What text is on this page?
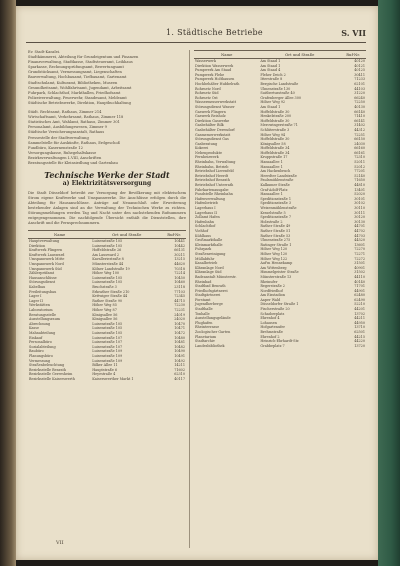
1. Städtische Betriebe	S. VII
Ev. Stadt-Kanzlei.
Stadtkämmerei, Abteilung für Grundeigentum und Finanzen
Finanzverwaltung, Stadtkasse, Stadtsteueramt, Leihhaus
Sparkasse, Rechnungsprüfungsamt, Bewertungsamt
Grundstücksamt, Vermessungsamt, Liegenschaften
Bauverwaltung, Hochbauamt, Tiefbauamt, Gartenamt
Stadtschulamt, Kulturamt, Bibliotheken, Museen
Gesundheitsamt, Wohlfahrtsamt, Jugendamt, Arbeitsamt
Fuhrpark, Schlachthof, Markthallen, Friedhofsamt
Polizeiverwaltung, Feuerwehr, Standesamt, Meldeamt
Städtische Betriebswerke, Direktion, Hauptbuchhaltung
Städt. Rechtsamt, Rathaus, Zimmer 214
Wirtschaftsamt, Verkehrsamt, Rathaus, Zimmer 118
Statistisches Amt, Wahlamt, Rathaus, Zimmer 301
Personalamt, Ausbildungswesen, Zimmer 9
Städtische Versicherungsanstalt, Rathaus
Pressestelle der Stadtverwaltung
Sammelstelle für Auskünfte, Rathaus, Erdgeschoß
Fundbüro, Kasernenstraße 12
Versorgungskasse, Ruhegehaltskasse
Bezirksverwaltungen I–VIII, Anschriften
Beratungsstelle für Kleinsiedlung und Gartenbau
Technische Werke der Stadt
a) Elektrizitätsversorgung
Die Stadt Düsseldorf betreibt zur Versorgung der Bevölkerung mit elektrischem Strom eigene Kraftwerke und Umspannwerke. Die Anschlüsse erfolgen durch die Abteilung für Hausanschlüsse. Anträge auf Neuanschluß oder Erweiterung bestehender Anlagen sind an die Verwaltung der Technischen Werke zu richten. Störungsmeldungen werden Tag und Nacht unter den nachstehenden Rufnummern entgegengenommen. Die nachfolgende Übersicht enthält die Dienststellen, ihre Anschrift und die Fernsprechnummern.
Name	Ort und Straße	Ruf-Nr.
Hauptverwaltung	Luisenstraße 105	10441
Direktion	Luisenstraße 105	10442
Kraftwerk Flingern	Hoffeldstraße 26	66131
Kraftwerk Lausward	Am Lausward 2	30211
Umspannwerk Mitte	Kavalleriestraße 8	13215
Umspannwerk Nord	Münsterstraße 44	44620
Umspannwerk Süd	Kölner Landstraße 19	70318
Zählerprüfamt	Höher Weg 100	72214
Hausanschlüsse	Luisenstraße 105	10450
Störungsdienst	Luisenstraße 105	10460
Kabelbau	Bruchstraße 3	23118
Freileitungsbau	Erkrather Straße 210	77103
Lager I	Kettwiger Straße 44	72345
Lager II	Rather Straße 90	44715
Werkstätten	Höher Weg 85	72230
Laboratorium	Höher Weg 87	72231
Beratungsstelle	Königsallee 56	24019
Ausstellungsraum	Königsallee 56	24020
Abrechnung	Luisenstraße 105	10470
Kasse	Luisenstraße 105	10471
Mahnabteilung	Luisenstraße 105	10472
Einkauf	Luisenstraße 107	10480
Personalbüro	Luisenstraße 107	10481
Sozialabteilung	Luisenstraße 107	10482
Baubüro	Luisenstraße 109	10490
Planungsbüro	Luisenstraße 109	10491
Vermessung	Luisenstraße 109	10492
Straßenbeleuchtung	Bilker Allee 11	14211
Bezirksstelle Benrath	Hauptstraße 6	71602
Bezirksstelle Gerresheim	Heyestraße 4	62310
Bezirksstelle Kaiserswerth	Kaiserswerther Markt 1	40117
Name	Ort und Straße	Ruf-Nr.
Wasserwerk	Am Staad 1	40120
Direktion Wasserwerk	Am Staad 1	40121
Pumpwerk Am Staad	Am Staad 4	40125
Pumpwerk Flehe	Fleher Deich 2	30411
Pumpwerk Holthausen	Itterstraße 8	71233
Hochbehälter Hubbelrath	Bergische Landstraße	62101
Rohrnetz Nord	Ulmenstraße 130	44103
Rohrnetz Süd	Suitbertusstraße 40	31220
Rohrnetz Ost	Grafenberger Allee 300	66240
Wassermesserwerkstatt	Höher Weg 92	72250
Störungsdienst Wasser	Am Staad 1	40130
Gaswerk Flingern	Hoffeldstraße 30	66140
Gaswerk Reisholz	Henkelstraße 200	71410
Direktion Gaswerke	Hoffeldstraße 30	66141
Gasbehälter Bilk	Merowingerstraße 71	31402
Gasbehälter Derendorf	Schlüterstraße 3	44312
Gasmesserwerkstatt	Höher Weg 94	72251
Störungsdienst Gas	Hoffeldstraße 30	66150
Gasberatung	Königsallee 58	24030
Kokerei	Hoffeldstraße 34	66160
Nebenprodukte	Hoffeldstraße 34	66161
Fernheizwerk	Kruppstraße 17	72310
Rheinbahn, Verwaltung	Hansaallee 1	52011
Rheinbahn, Betrieb	Hansaallee 1	52012
Betriebshof Lierenfeld	Am Hackenbruch	77201
Betriebshof Heerdt	Heerdter Landstraße	52140
Betriebshof Benrath	Paulsmühlenstraße	71650
Betriebshof Unterrath	Kalkumer Straße	44810
Fahrkartenausgabe	Graf-Adolf-Platz	13401
Fundstelle Rheinbahn	Hansaallee 1	52020
Hafenverwaltung	Speditionstraße 1	30101
Hafenbetrieb	Speditionstraße 3	30102
Lagerhaus I	Weizenmühlenstraße	30110
Lagerhaus II	Kesselstraße 5	30111
Zollamt Hafen	Speditionstraße 7	30120
Hafenbahn	Holzstraße 2	30130
Schlachthof	Rather Straße 49	44701
Viehhof	Rather Straße 51	44702
Kühlhaus	Rather Straße 53	44703
Großmarkthalle	Ulmenstraße 275	44520
Kleinmarkthalle	Ratinger Straße 1	13601
Fuhrpark	Höher Weg 120	72270
Straßenreinigung	Höher Weg 120	72271
Müllabfuhr	Höher Weg 122	72272
Kanalbetrieb	Auf'm Hennekamp	31501
Kläranlage Nord	Am Wittenberg	40901
Kläranlage Süd	Himmelgeister Straße	31502
Badeanstalt Münsterstr.	Münsterstraße 13	44110
Rheinbad	Rheinufer	40140
Stadtbad Benrath	Regerstraße 2	71701
Friedhofsgärtnerei	Nordfriedhof	44901
Stadtgärtnerei	Am Eisstadion	62480
Forstamt	Aaper Wald	62490
Jugendherberge	Düsseldorfer Straße 1	52210
Stadthalle	Fischerstraße 20	44201
Tonhalle	Schadowplatz	13702
Ausstellungsgelände	Ehrenhof 4	44211
Flughafen	Lohausen	44950
Rheinterrasse	Hofgartenufer	13710
Zoologischer Garten	Brehmstraße	62501
Planetarium	Ehrenhof 2	44215
Stadtarchiv	Heinrich-Ehrhardt-Str.	44220
Landesbibliothek	Grabbeplatz 7	13720
VII
